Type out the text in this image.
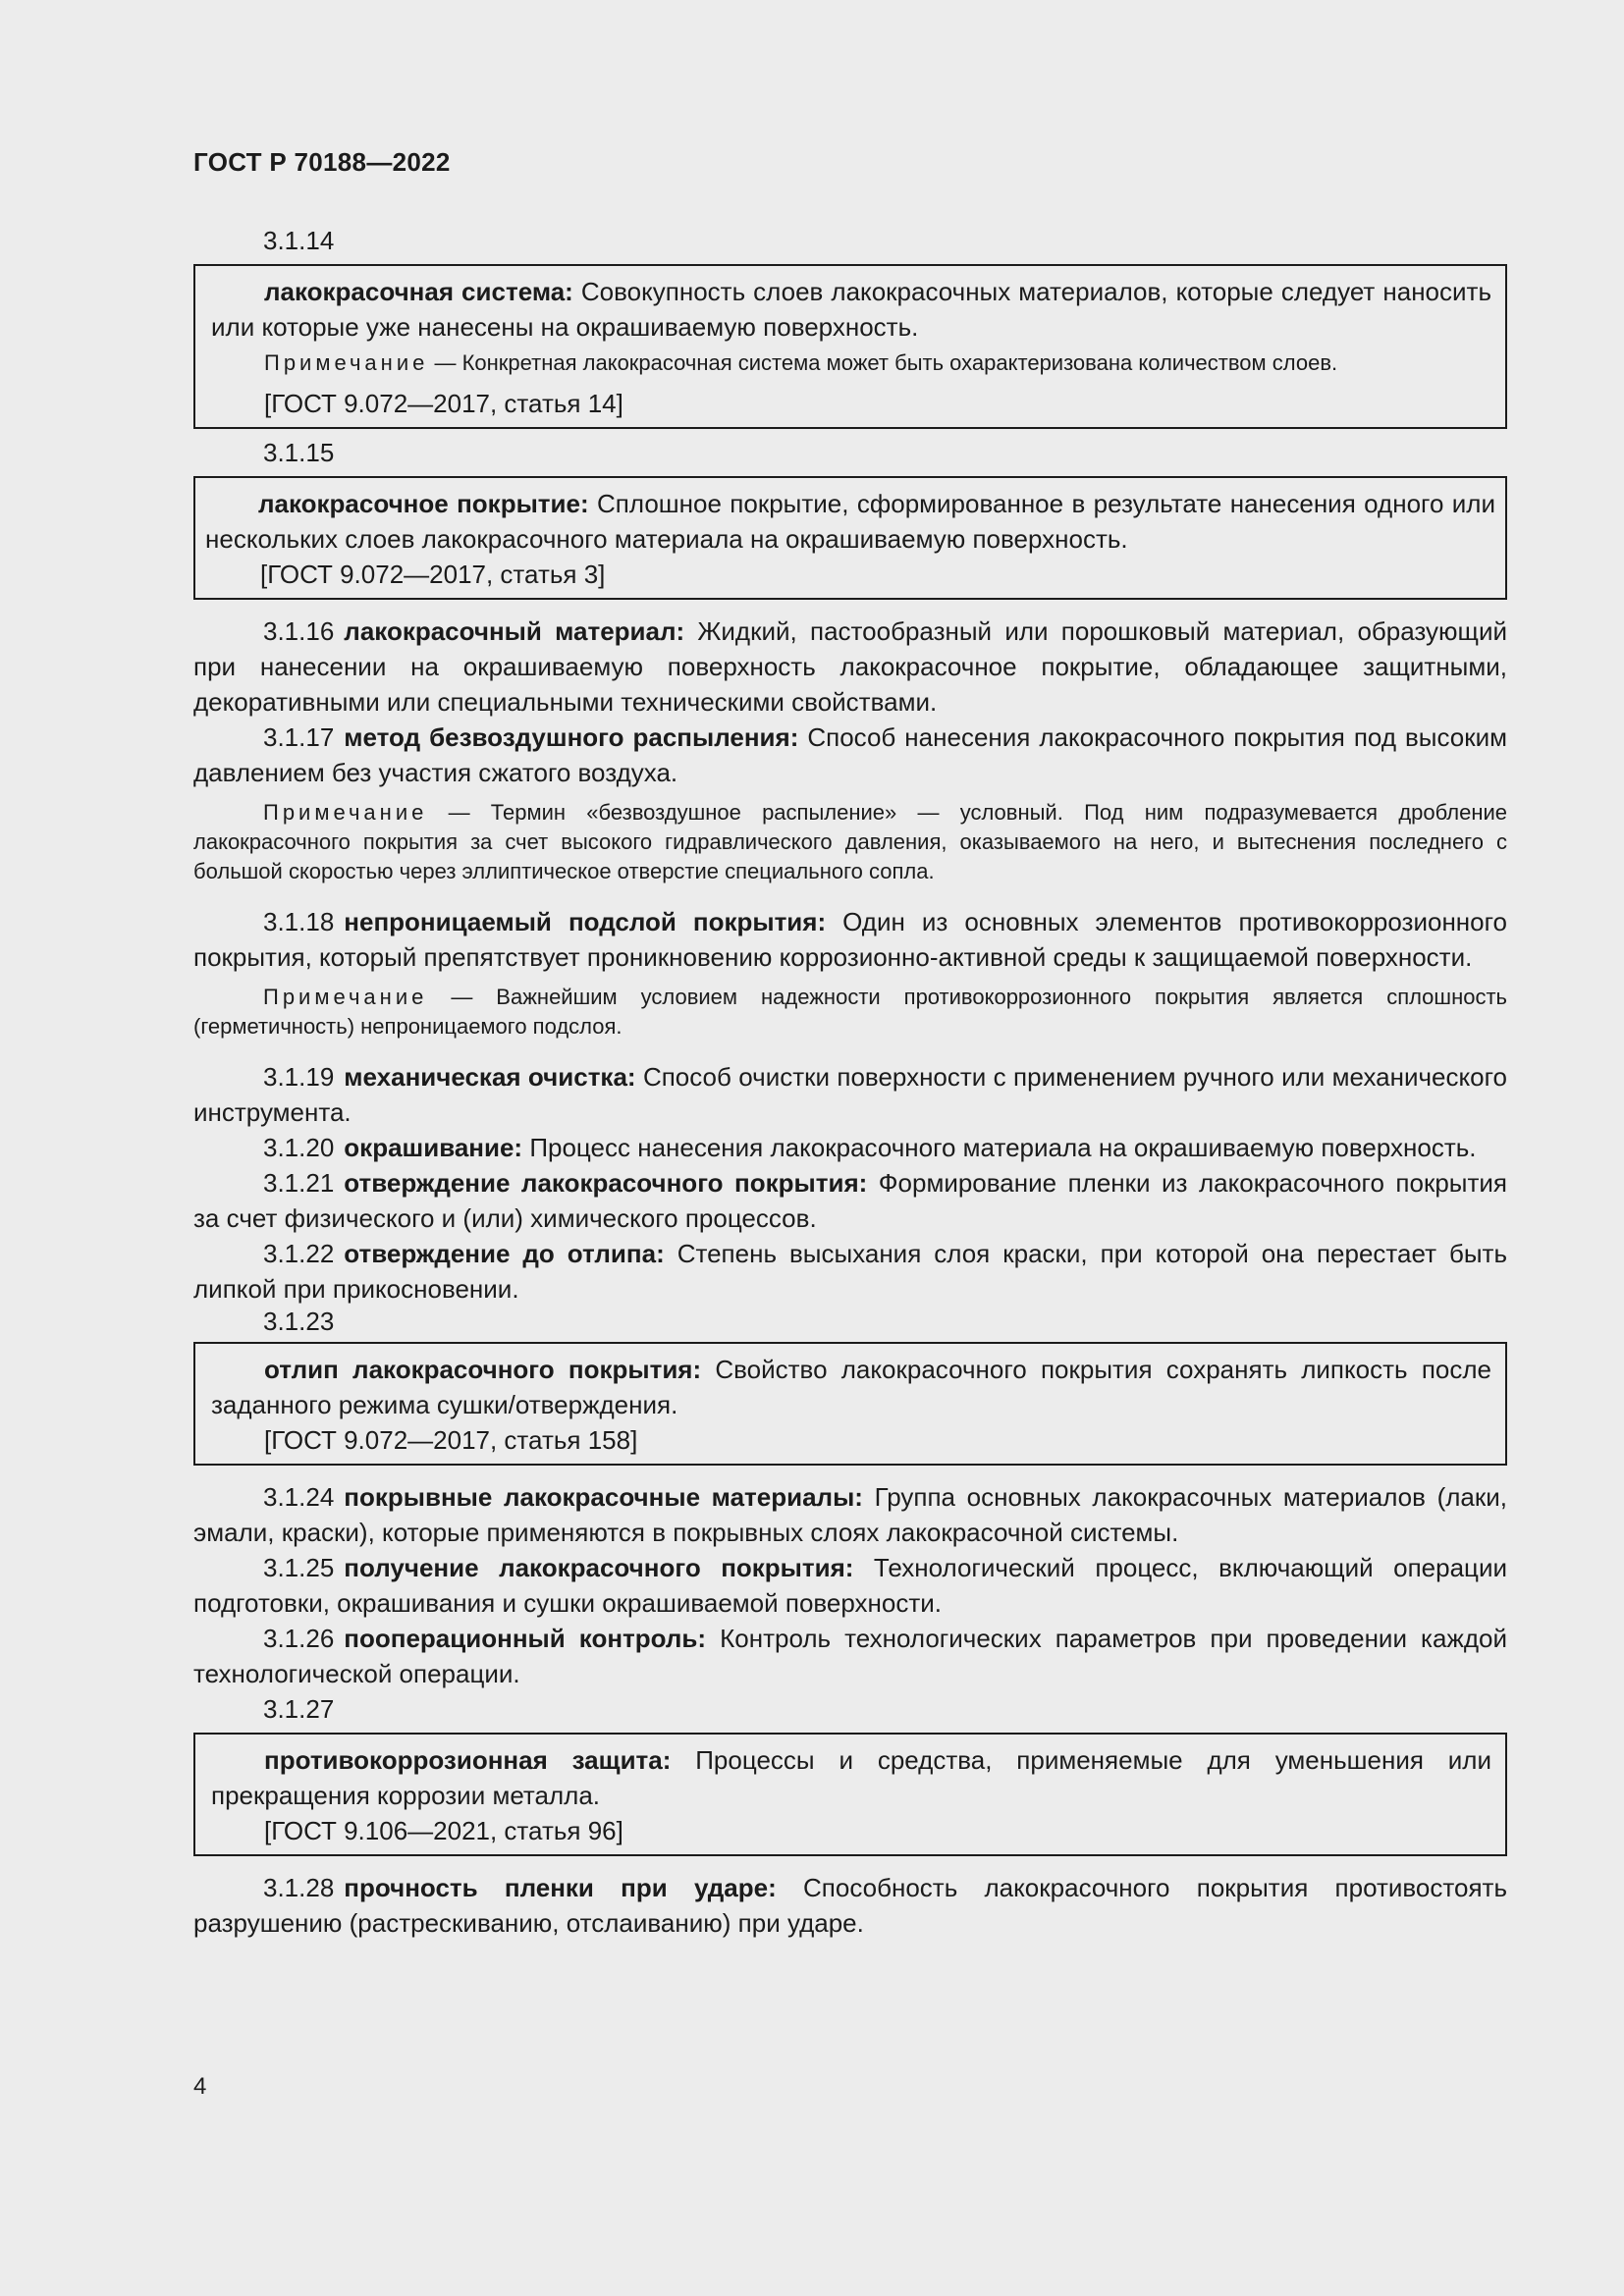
ГОСТ Р 70188—2022
3.1.14

лакокрасочная система: Совокупность слоев лакокрасочных материалов, которые следует наносить или которые уже нанесены на окрашиваемую поверхность.

Примечание — Конкретная лакокрасочная система может быть охарактеризована количеством слоев.

[ГОСТ 9.072—2017, статья 14]

3.1.15

лакокрасочное покрытие: Сплошное покрытие, сформированное в результате нанесения одного или нескольких слоев лакокрасочного материала на окрашиваемую поверхность.

[ГОСТ 9.072—2017, статья 3]

3.1.16 лакокрасочный материал: Жидкий, пастообразный или порошковый материал, образующий при нанесении на окрашиваемую поверхность лакокрасочное покрытие, обладающее защитными, декоративными или специальными техническими свойствами.

3.1.17 метод безвоздушного распыления: Способ нанесения лакокрасочного покрытия под высоким давлением без участия сжатого воздуха.

Примечание — Термин «безвоздушное распыление» — условный. Под ним подразумевается дробление лакокрасочного покрытия за счет высокого гидравлического давления, оказываемого на него, и вытеснения последнего с большой скоростью через эллиптическое отверстие специального сопла.

3.1.18 непроницаемый подслой покрытия: Один из основных элементов противокоррозионного покрытия, который препятствует проникновению коррозионно-активной среды к защищаемой поверхности.

Примечание — Важнейшим условием надежности противокоррозионного покрытия является сплошность (герметичность) непроницаемого подслоя.

3.1.19 механическая очистка: Способ очистки поверхности с применением ручного или механического инструмента.

3.1.20 окрашивание: Процесс нанесения лакокрасочного материала на окрашиваемую поверхность.

3.1.21 отверждение лакокрасочного покрытия: Формирование пленки из лакокрасочного покрытия за счет физического и (или) химического процессов.

3.1.22 отверждение до отлипа: Степень высыхания слоя краски, при которой она перестает быть липкой при прикосновении.

3.1.23

отлип лакокрасочного покрытия: Свойство лакокрасочного покрытия сохранять липкость после заданного режима сушки/отверждения.

[ГОСТ 9.072—2017, статья 158]

3.1.24 покрывные лакокрасочные материалы: Группа основных лакокрасочных материалов (лаки, эмали, краски), которые применяются в покрывных слоях лакокрасочной системы.

3.1.25 получение лакокрасочного покрытия: Технологический процесс, включающий операции подготовки, окрашивания и сушки окрашиваемой поверхности.

3.1.26 пооперационный контроль: Контроль технологических параметров при проведении каждой технологической операции.

3.1.27

противокоррозионная защита: Процессы и средства, применяемые для уменьшения или прекращения коррозии металла.

[ГОСТ 9.106—2021, статья 96]

3.1.28 прочность пленки при ударе: Способность лакокрасочного покрытия противостоять разрушению (растрескиванию, отслаиванию) при ударе.

4
